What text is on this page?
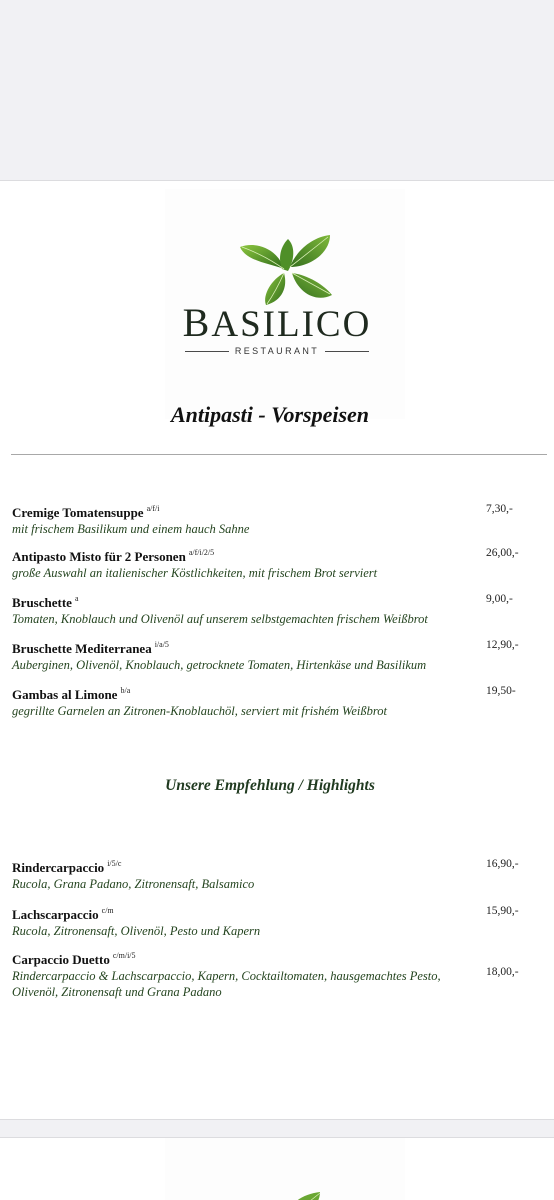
BASILICO
RESTAURANT
Antipasti - Vorspeisen
Cremige Tomatensuppe $^{a/f/i}$
mit frischem Basilikum und einem hauch Sahne
7,30,-
Antipasto Misto für 2 Personen $^{a/f/i/2/5}$
große Auswahl an italienischer Köstlichkeiten, mit frischem Brot serviert
26,00,-
Bruschette $^a$
Tomaten, Knoblauch und Olivenöl auf unserem selbstgemachten frischem Weißbrot
9,00,-
Bruschette Mediterranea $^{i/a/5}$
Auberginen, Olivenöl, Knoblauch, getrocknete Tomaten, Hirtenkäse und Basilikum
12,90,-
Gambas al Limone $^{b/a}$
gegrillte Garnelen an Zitronen-Knoblauchöl, serviert mit frishém Weißbrot
19,50-
Unsere Empfehlung / Highlights
Rindercarpaccio $^{i/5/c}$
Rucola, Grana Padano, Zitronensaft, Balsamico
16,90,-
Lachscarpaccio $^{c/m}$
Rucola, Zitronensaft, Olivenöl, Pesto und Kapern
15,90,-
Carpaccio Duetto $^{c/m/i/5}$
Rindercarpaccio & Lachscarpaccio, Kapern, Cocktailtomaten, hausgemachtes Pesto, Olivenöl, Zitronensaft und Grana Padano
18,00,-
